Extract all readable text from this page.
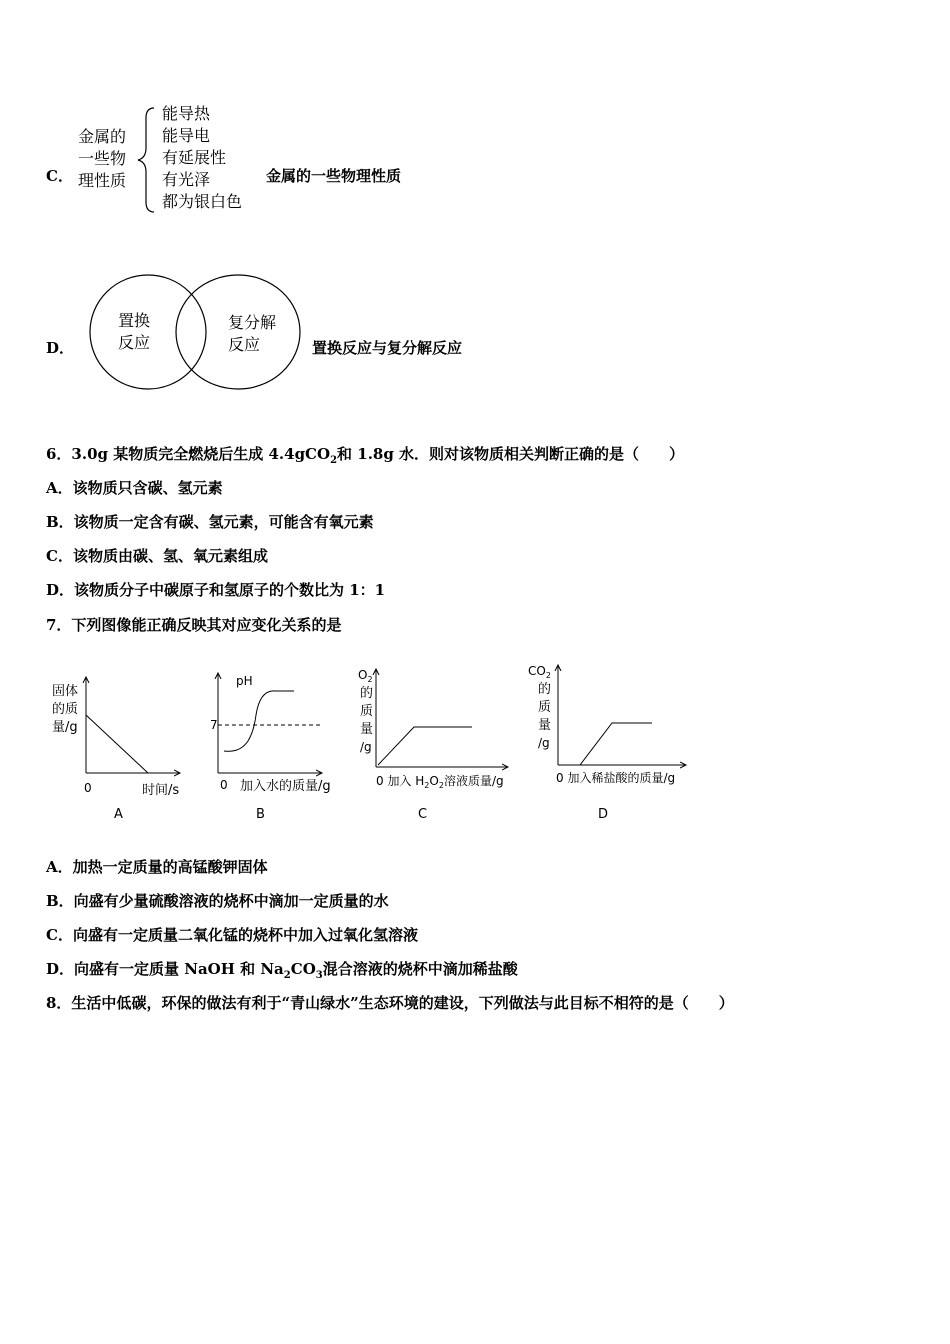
C．
金属的
一些物
理性质
能导热
能导电
有延展性
有光泽
都为银白色
金属的一些物理性质
D．
置换
反应
复分解
反应	置换反应与复分解反应
6．3.0g 某物质完全燃烧后生成 4.4gCO$_2$和 1.8g 水．则对该物质相关判断正确的是（　　）
A．该物质只含碳、氢元素
B．该物质一定含有碳、氢元素，可能含有氧元素
C．该物质由碳、氢、氧元素组成
D．该物质分子中碳原子和氢原子的个数比为 1：1
7．下列图像能正确反映其对应变化关系的是
固体
的质
量/g
0	时间/s
A
pH
7
0 加入水的质量/g
B
$O_2$
的
质
量
/g
0 加入 $H_2O_2$溶液质量/g
C
$CO_2$
的
质
量
/g
0 加入稀盐酸的质量/g
D
A．加热一定质量的高锰酸钾固体
B．向盛有少量硫酸溶液的烧杯中滴加一定质量的水
C．向盛有一定质量二氧化锰的烧杯中加入过氧化氢溶液
D．向盛有一定质量 NaOH 和 $Na_2CO_3$混合溶液的烧杯中滴加稀盐酸
8．生活中低碳，环保的做法有利于“青山绿水”生态环境的建设，下列做法与此目标不相符的是（　　）
